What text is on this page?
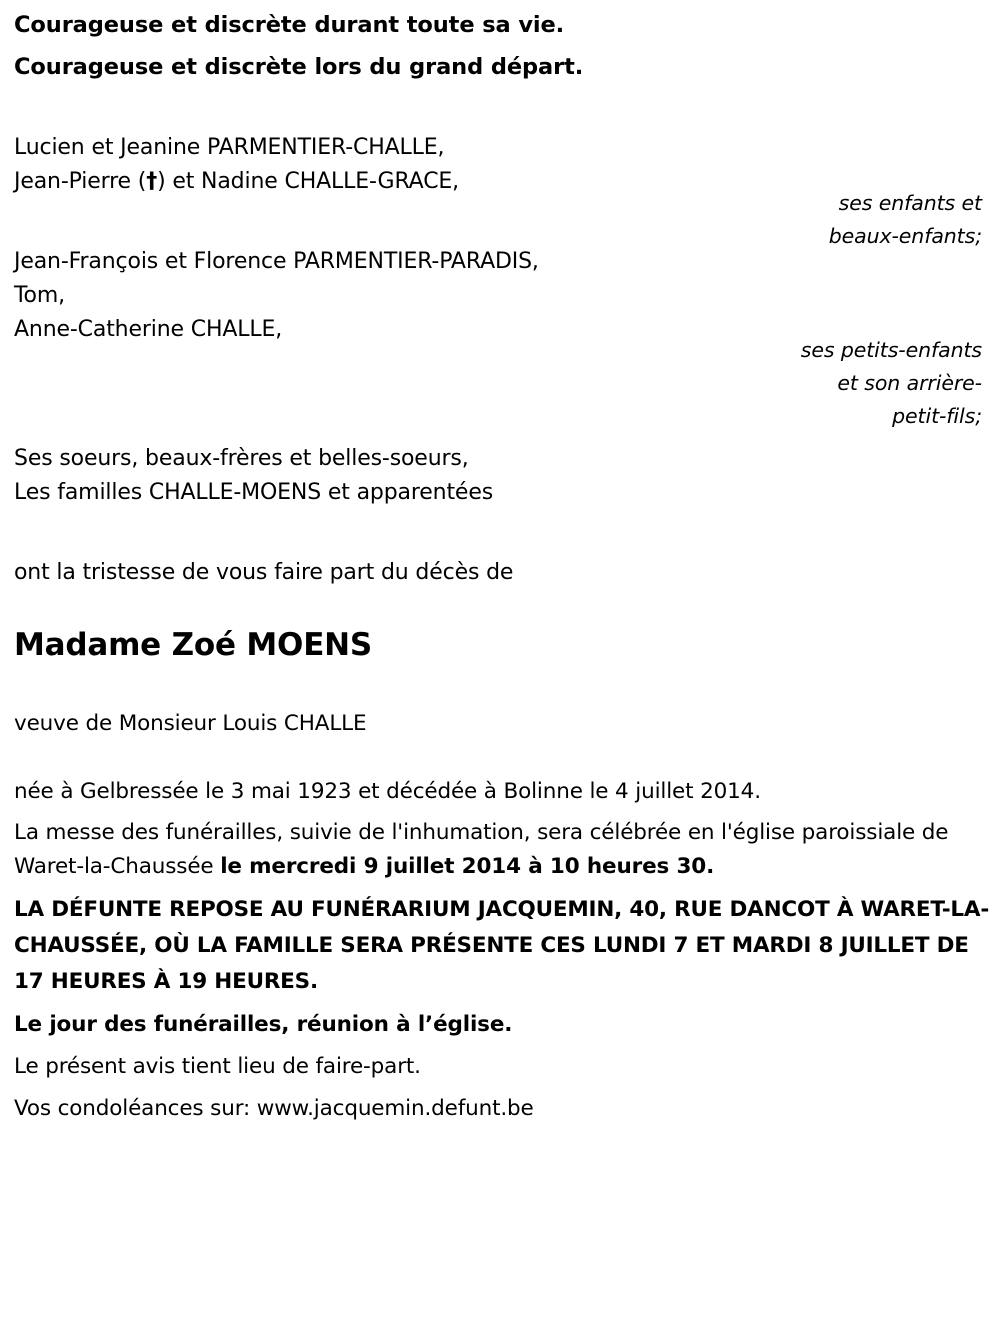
Courageuse et discrète durant toute sa vie.
Courageuse et discrète lors du grand départ.
Lucien et Jeanine PARMENTIER-CHALLE,
Jean-Pierre (†) et Nadine CHALLE-GRACE,
ses enfants et
beaux-enfants;
Jean-François et Florence PARMENTIER-PARADIS,
Tom,
Anne-Catherine CHALLE,
ses petits-enfants
et son arrière-
petit-fils;
Ses soeurs, beaux-frères et belles-soeurs,
Les familles CHALLE-MOENS et apparentées
ont la tristesse de vous faire part du décès de
Madame Zoé MOENS
veuve de Monsieur Louis CHALLE
née à Gelbressée le 3 mai 1923 et décédée à Bolinne le 4 juillet 2014.
La messe des funérailles, suivie de l'inhumation, sera célébrée en l'église paroissiale de Waret-la-Chaussée le mercredi 9 juillet 2014 à 10 heures 30.
LA DÉFUNTE REPOSE AU FUNÉRARIUM JACQUEMIN, 40, RUE DANCOT À WARET-LA-CHAUSSÉE, OÙ LA FAMILLE SERA PRÉSENTE CES LUNDI 7 ET MARDI 8 JUILLET DE 17 HEURES À 19 HEURES.
Le jour des funérailles, réunion à l’église.
Le présent avis tient lieu de faire-part.
Vos condoléances sur: www.jacquemin.defunt.be
